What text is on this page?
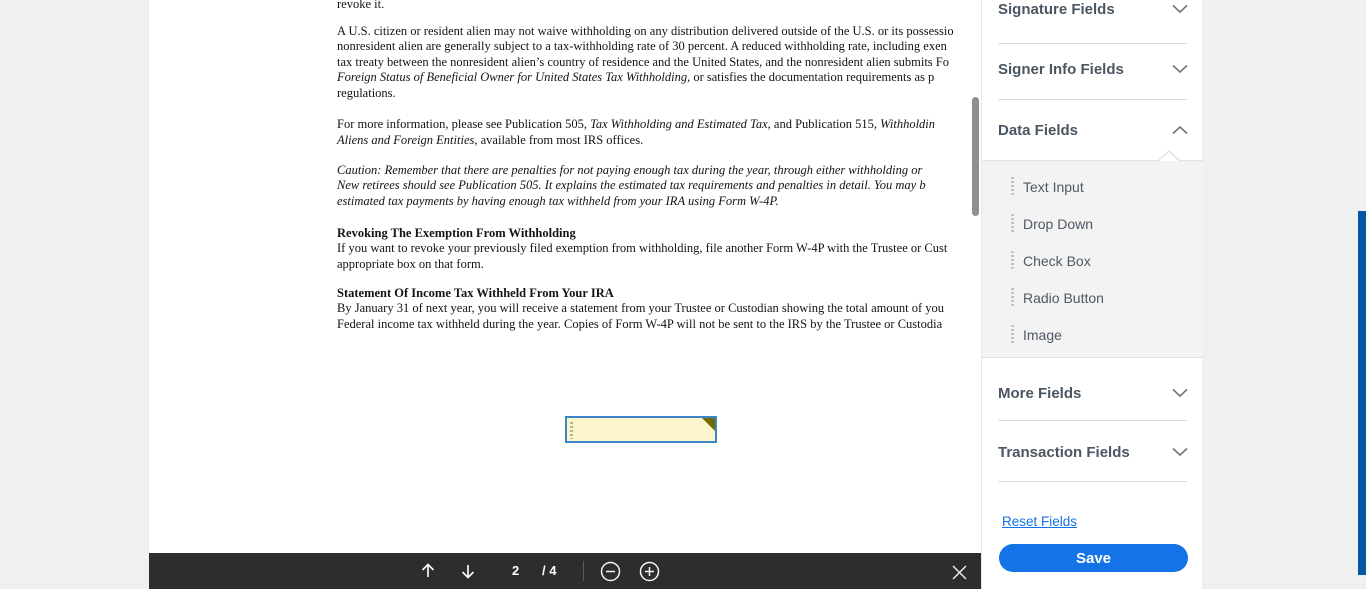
revoke it.
A U.S. citizen or resident alien may not waive withholding on any distribution delivered outside of the U.S. or its possessio
nonresident alien are generally subject to a tax-withholding rate of 30 percent. A reduced withholding rate, including exen
tax treaty between the nonresident alien’s country of residence and the United States, and the nonresident alien submits Fo
Foreign Status of Beneficial Owner for United States Tax Withholding, or satisfies the documentation requirements as p
regulations.
For more information, please see Publication 505, Tax Withholding and Estimated Tax, and Publication 515, Withholdin
Aliens and Foreign Entities, available from most IRS offices.
Caution: Remember that there are penalties for not paying enough tax during the year, through either withholding or
New retirees should see Publication 505. It explains the estimated tax requirements and penalties in detail. You may b
estimated tax payments by having enough tax withheld from your IRA using Form W-4P.
Revoking The Exemption From Withholding
If you want to revoke your previously filed exemption from withholding, file another Form W-4P with the Trustee or Cust
appropriate box on that form.
Statement Of Income Tax Withheld From Your IRA
By January 31 of next year, you will receive a statement from your Trustee or Custodian showing the total amount of you
Federal income tax withheld during the year. Copies of Form W-4P will not be sent to the IRS by the Trustee or Custodia
Signature Fields
Signer Info Fields
Data Fields
Text Input
Drop Down
Check Box
Radio Button
Image
More Fields
Transaction Fields
Reset Fields
Save
2 / 4
